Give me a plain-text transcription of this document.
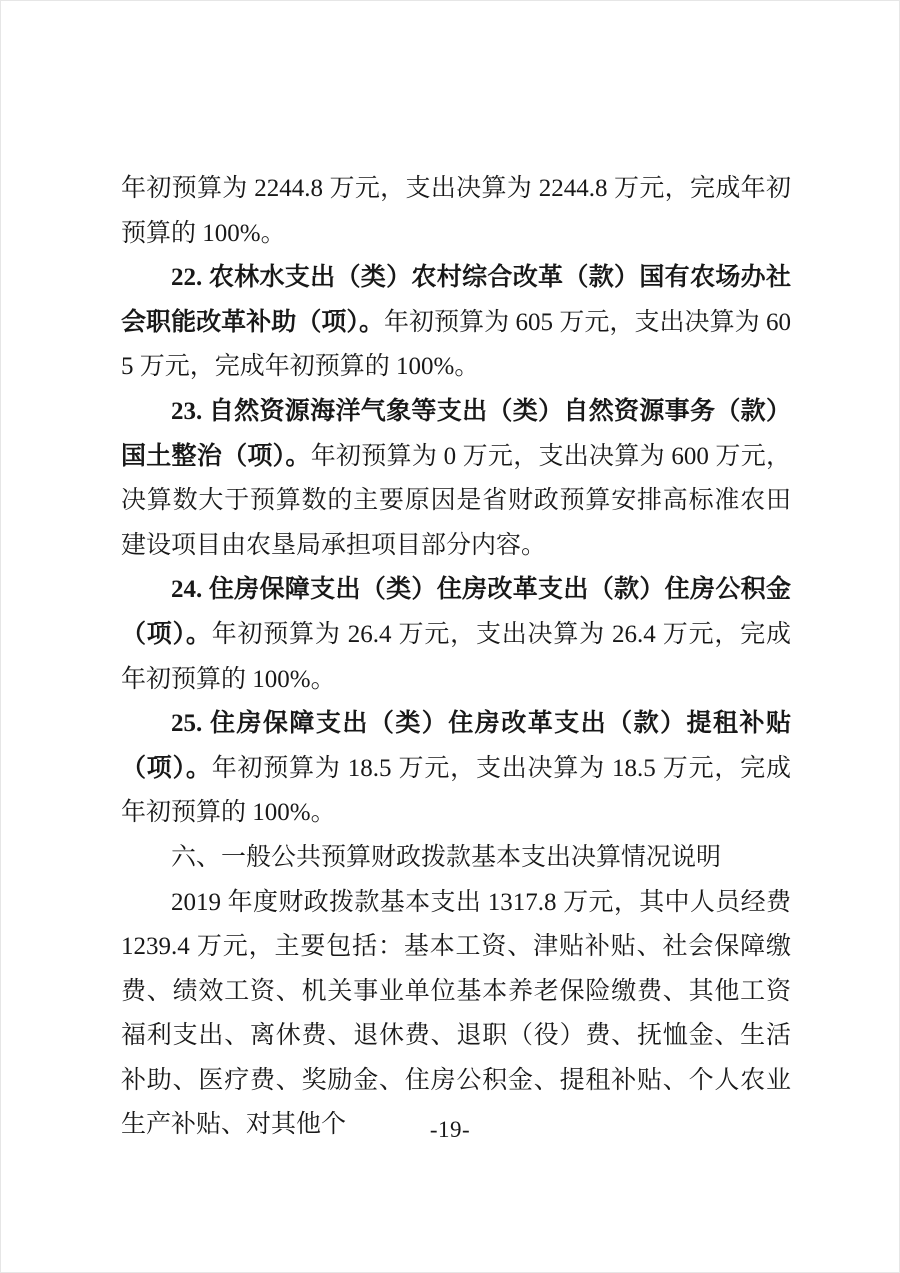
年初预算为 2244.8 万元，支出决算为 2244.8 万元，完成年初预算的 100%。

22. 农林水支出（类）农村综合改革（款）国有农场办社会职能改革补助（项）。年初预算为 605 万元，支出决算为 605 万元，完成年初预算的 100%。

23. 自然资源海洋气象等支出（类）自然资源事务（款）国土整治（项）。年初预算为 0 万元，支出决算为 600 万元，决算数大于预算数的主要原因是省财政预算安排高标准农田建设项目由农垦局承担项目部分内容。

24. 住房保障支出（类）住房改革支出（款）住房公积金（项）。年初预算为 26.4 万元，支出决算为 26.4 万元，完成年初预算的 100%。

25. 住房保障支出（类）住房改革支出（款）提租补贴（项）。年初预算为 18.5 万元，支出决算为 18.5 万元，完成年初预算的 100%。

六、一般公共预算财政拨款基本支出决算情况说明

2019 年度财政拨款基本支出 1317.8 万元，其中人员经费 1239.4 万元，主要包括：基本工资、津贴补贴、社会保障缴费、绩效工资、机关事业单位基本养老保险缴费、其他工资福利支出、离休费、退休费、退职（役）费、抚恤金、生活补助、医疗费、奖励金、住房公积金、提租补贴、个人农业生产补贴、对其他个	-19-
